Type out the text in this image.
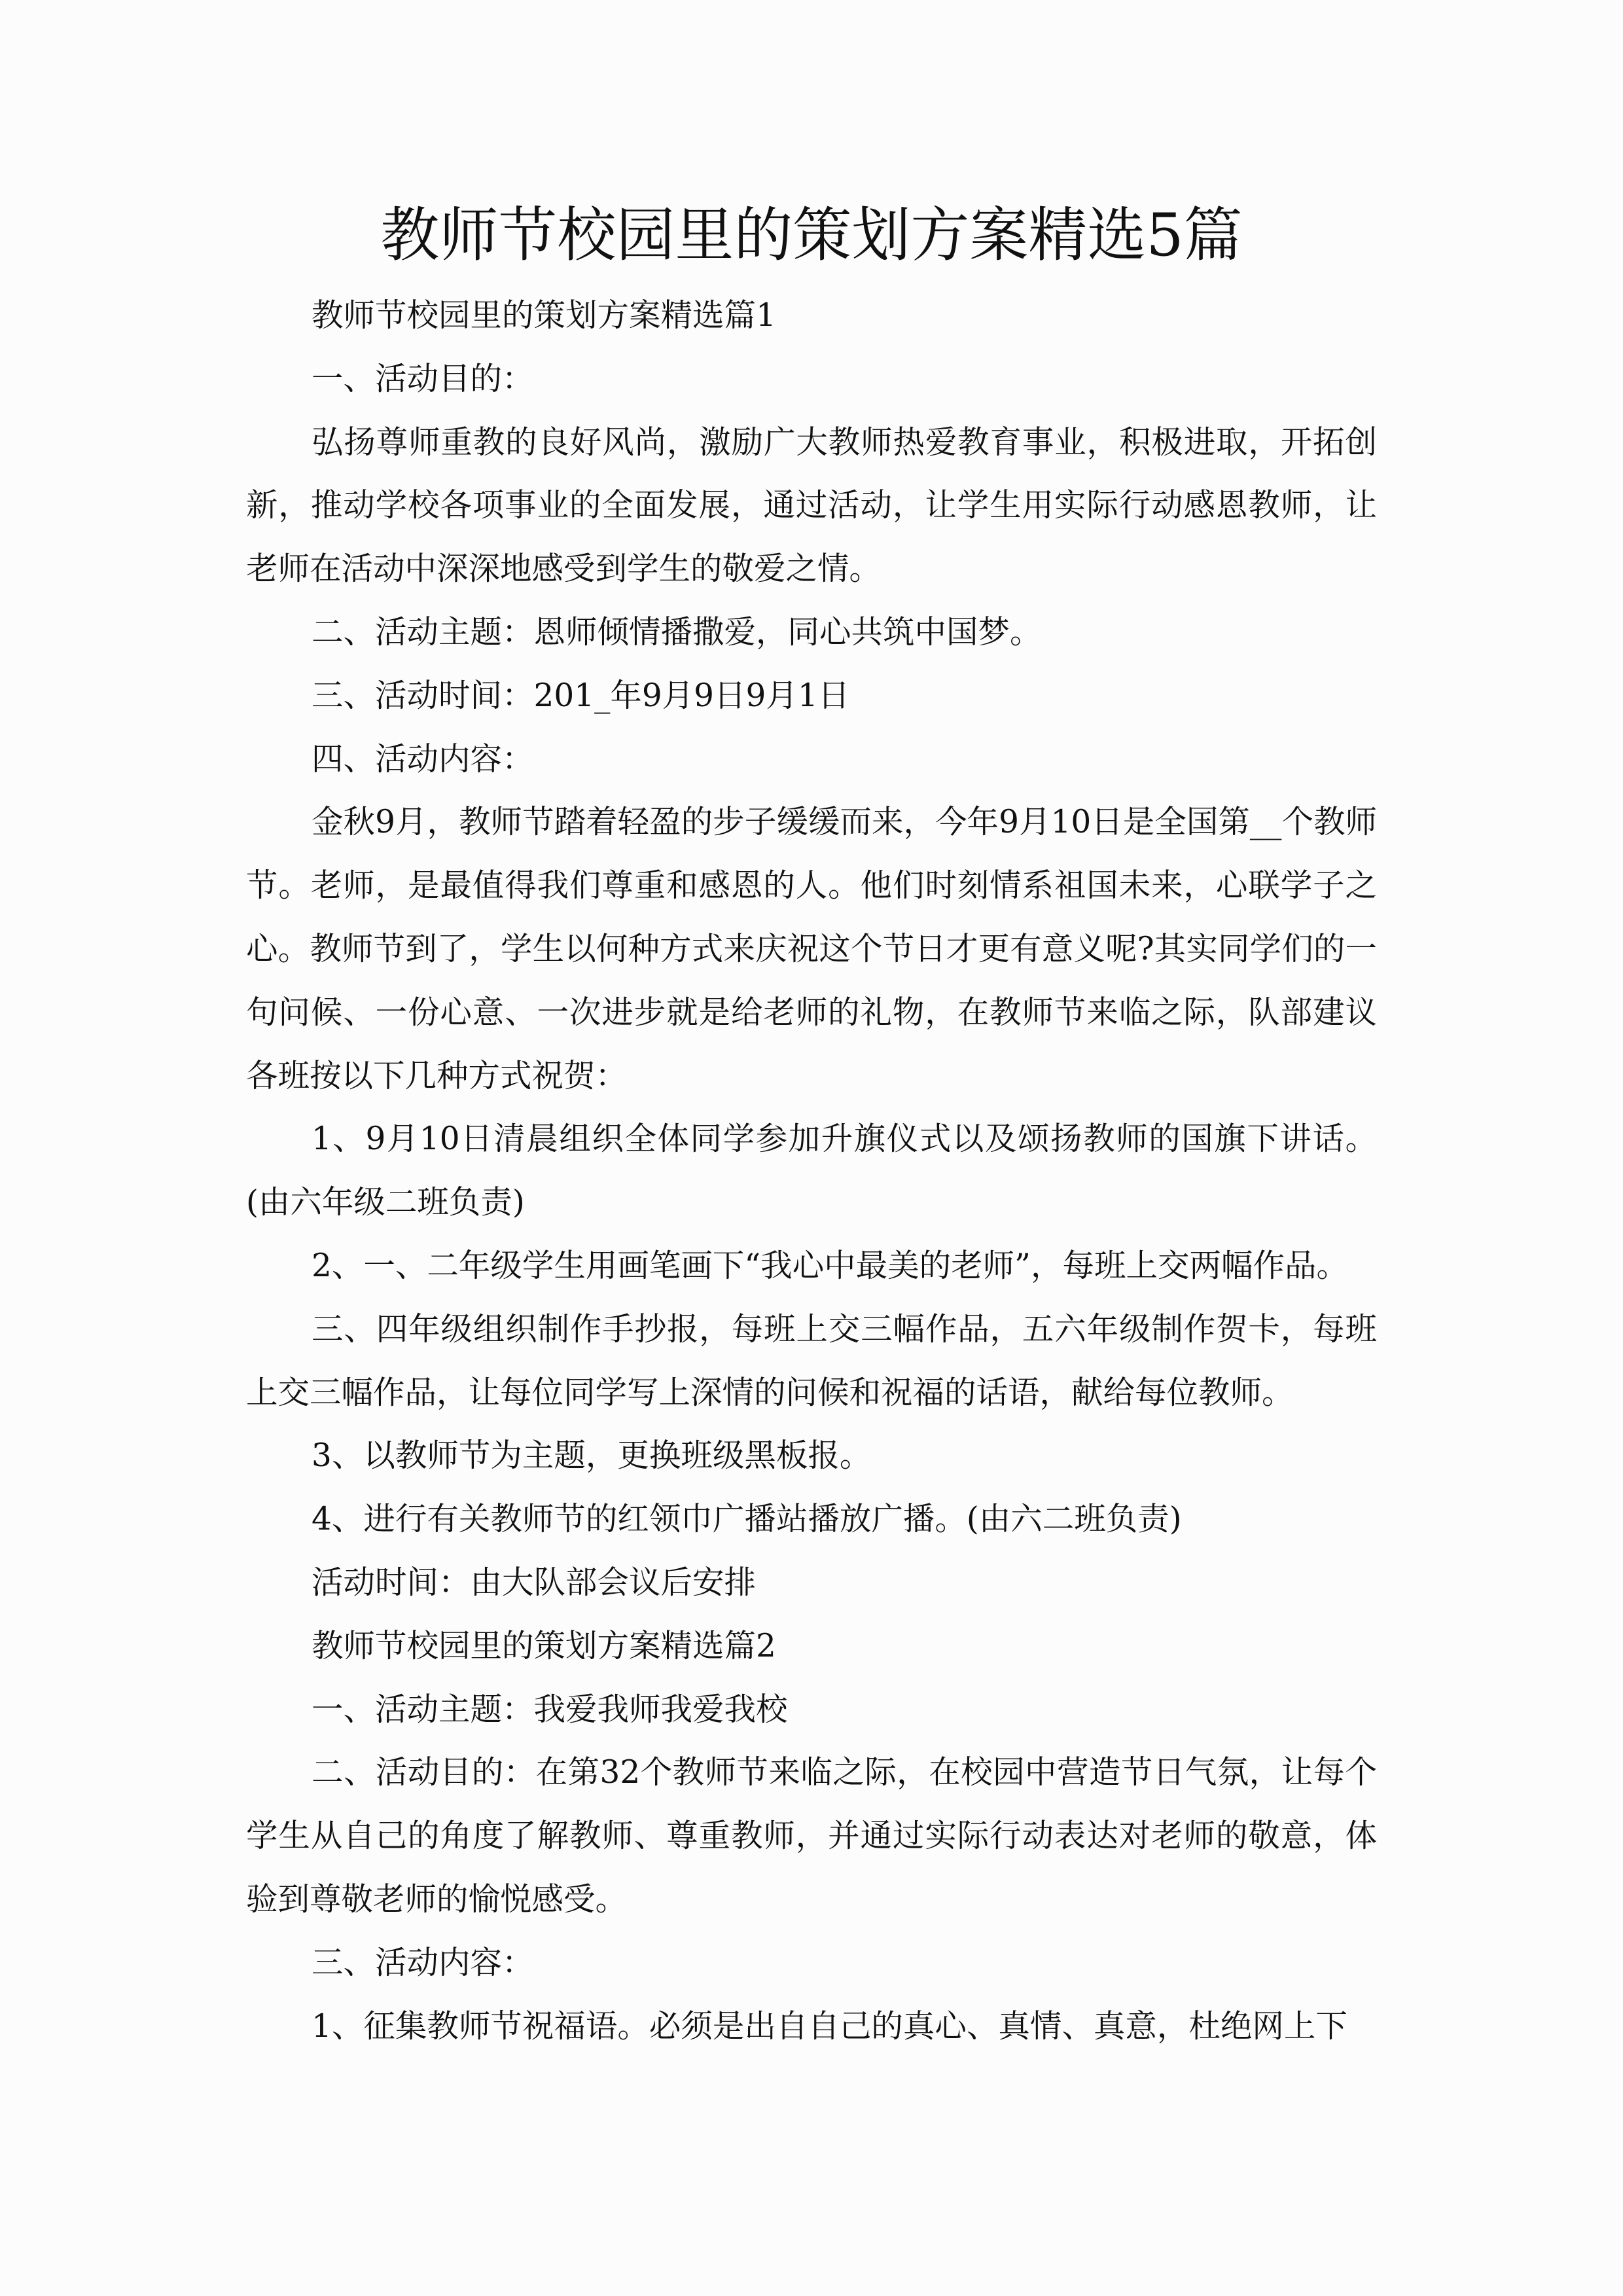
教师节校园里的策划方案精选5篇

教师节校园里的策划方案精选篇1

一、活动目的：

弘扬尊师重教的良好风尚，激励广大教师热爱教育事业，积极进取，开拓创新，推动学校各项事业的全面发展，通过活动，让学生用实际行动感恩教师，让老师在活动中深深地感受到学生的敬爱之情。

二、活动主题：恩师倾情播撒爱，同心共筑中国梦。

三、活动时间：201_年9月9日9月1日

四、活动内容：

金秋9月，教师节踏着轻盈的步子缓缓而来，今年9月10日是全国第__个教师节。老师，是最值得我们尊重和感恩的人。他们时刻情系祖国未来，心联学子之心。教师节到了，学生以何种方式来庆祝这个节日才更有意义呢?其实同学们的一句问候、一份心意、一次进步就是给老师的礼物，在教师节来临之际，队部建议各班按以下几种方式祝贺：

1、9月10日清晨组织全体同学参加升旗仪式以及颂扬教师的国旗下讲话。(由六年级二班负责)

2、一、二年级学生用画笔画下“我心中最美的老师”，每班上交两幅作品。

三、四年级组织制作手抄报，每班上交三幅作品，五六年级制作贺卡，每班上交三幅作品，让每位同学写上深情的问候和祝福的话语，献给每位教师。

3、以教师节为主题，更换班级黑板报。

4、进行有关教师节的红领巾广播站播放广播。(由六二班负责)

活动时间：由大队部会议后安排

教师节校园里的策划方案精选篇2

一、活动主题：我爱我师我爱我校

二、活动目的：在第32个教师节来临之际，在校园中营造节日气氛，让每个学生从自己的角度了解教师、尊重教师，并通过实际行动表达对老师的敬意，体验到尊敬老师的愉悦感受。

三、活动内容：

1、征集教师节祝福语。必须是出自自己的真心、真情、真意，杜绝网上下
